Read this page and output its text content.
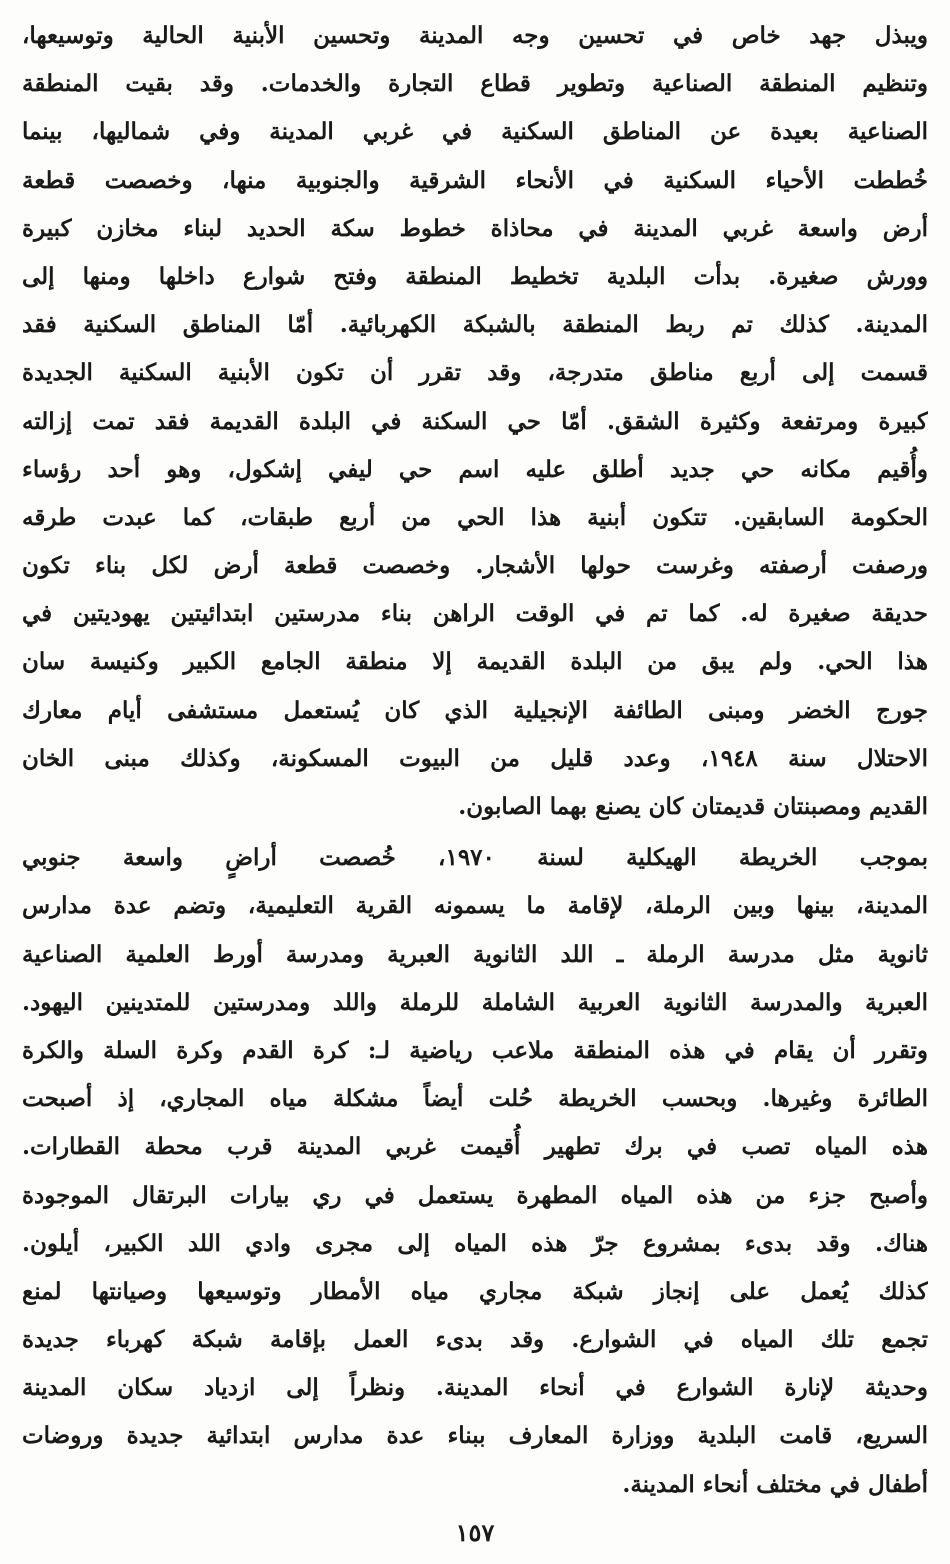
ويبذل جهد خاص في تحسين وجه المدينة وتحسين الأبنية الحالية وتوسيعها،
وتنظيم المنطقة الصناعية وتطوير قطاع التجارة والخدمات. وقد بقيت المنطقة
الصناعية بعيدة عن المناطق السكنية في غربي المدينة وفي شماليها، بينما
خُططت الأحياء السكنية في الأنحاء الشرقية والجنوبية منها، وخصصت قطعة
أرض واسعة غربي المدينة في محاذاة خطوط سكة الحديد لبناء مخازن كبيرة
وورش صغيرة. بدأت البلدية تخطيط المنطقة وفتح شوارع داخلها ومنها إلى
المدينة. كذلك تم ربط المنطقة بالشبكة الكهربائية. أمّا المناطق السكنية فقد
قسمت إلى أربع مناطق متدرجة، وقد تقرر أن تكون الأبنية السكنية الجديدة
كبيرة ومرتفعة وكثيرة الشقق. أمّا حي السكنة في البلدة القديمة فقد تمت إزالته
وأُقيم مكانه حي جديد أطلق عليه اسم حي ليفي إشكول، وهو أحد رؤساء
الحكومة السابقين. تتكون أبنية هذا الحي من أربع طبقات، كما عبدت طرقه
ورصفت أرصفته وغرست حولها الأشجار. وخصصت قطعة أرض لكل بناء تكون
حديقة صغيرة له. كما تم في الوقت الراهن بناء مدرستين ابتدائيتين يهوديتين في
هذا الحي. ولم يبق من البلدة القديمة إلا منطقة الجامع الكبير وكنيسة سان
جورج الخضر ومبنى الطائفة الإنجيلية الذي كان يُستعمل مستشفى أيام معارك
الاحتلال سنة ١٩٤٨، وعدد قليل من البيوت المسكونة، وكذلك مبنى الخان
القديم ومصبنتان قديمتان كان يصنع بهما الصابون.
بموجب الخريطة الهيكلية لسنة ١٩٧٠، خُصصت أراضٍ واسعة جنوبي
المدينة، بينها وبين الرملة، لإقامة ما يسمونه القرية التعليمية، وتضم عدة مدارس
ثانوية مثل مدرسة الرملة ـ اللد الثانوية العبرية ومدرسة أورط العلمية الصناعية
العبرية والمدرسة الثانوية العربية الشاملة للرملة واللد ومدرستين للمتدينين اليهود.
وتقرر أن يقام في هذه المنطقة ملاعب رياضية لـ: كرة القدم وكرة السلة والكرة
الطائرة وغيرها. وبحسب الخريطة حُلت أيضاً مشكلة مياه المجاري، إذ أصبحت
هذه المياه تصب في برك تطهير أُقيمت غربي المدينة قرب محطة القطارات.
وأصبح جزء من هذه المياه المطهرة يستعمل في ري بيارات البرتقال الموجودة
هناك. وقد بدىء بمشروع جرّ هذه المياه إلى مجرى وادي اللد الكبير، أيلون.
كذلك يُعمل على إنجاز شبكة مجاري مياه الأمطار وتوسيعها وصيانتها لمنع
تجمع تلك المياه في الشوارع. وقد بدىء العمل بإقامة شبكة كهرباء جديدة
وحديثة لإنارة الشوارع في أنحاء المدينة. ونظراً إلى ازدياد سكان المدينة
السريع، قامت البلدية ووزارة المعارف ببناء عدة مدارس ابتدائية جديدة وروضات
أطفال في مختلف أنحاء المدينة.
١٥٧
